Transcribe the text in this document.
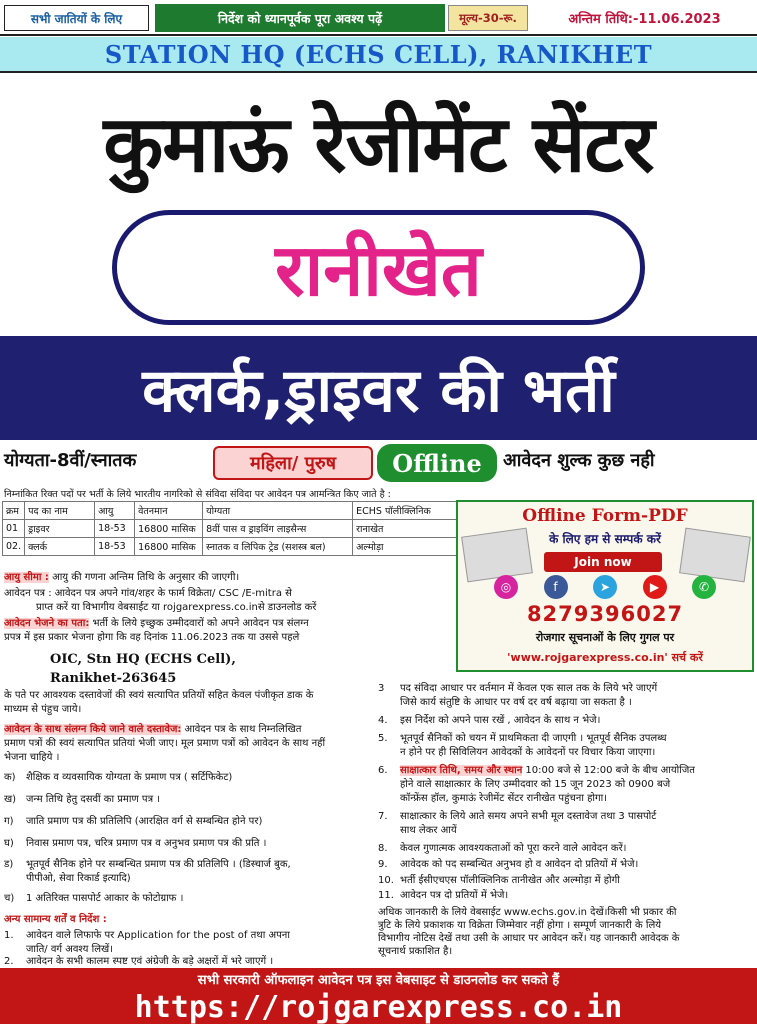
सभी जातियों के लिए	निर्देश को ध्यानपूर्वक पूरा अवश्य पढ़ें	मूल्य-30-रू.	अन्तिम तिथि:-11.06.2023
STATION HQ (ECHS CELL), RANIKHET
कुमाऊं रेजीमेंट सेंटर
रानीखेत
क्लर्क,ड्राइवर की भर्ती
योग्यता-8वीं/स्नातक	महिला/ पुरुष	Offline	आवेदन शुल्क कुछ नही
निम्नांकित रिक्त पदों पर भर्ती के लिये भारतीय नागरिको से संविदा संविदा पर आवेदन पत्र आमन्त्रित किए जाते है :
क्रम	पद का नाम	आयु	वेतनमान	योग्यता	ECHS पॉलीक्लिनिक
01	ड्राइवर	18-53	16800 मासिक	8वीं पास व ड्राइविंग लाइसैन्स	रानाखेत
02.	क्लर्क	18-53	16800 मासिक	स्नातक व लिपिक ट्रेड (सशस्त्र बल)	अल्मोड़ा
Offline Form-PDF
के लिए हम से सम्पर्क करें
Join now
◎	f	➤	▶	✆
8279396027
रोजगार सूचनाओं के लिए गुगल पर
'www.rojgarexpress.co.in' सर्च करें
आयु सीमा : आयु की गणना अन्तिम तिथि के अनुसार की जाएगी।
आवेदन पत्र : आवेदन पत्र अपने गांव/शहर के फार्म विक्रेता/ CSC /E-mitra से
प्राप्त करें या विभागीय वेबसाईट या rojgarexpress.co.inसे डाउनलोड करें
आवेदन भेजने का पता: भर्ती के लिये इच्छुक उम्मीदवारों को अपने आवेदन पत्र संलग्न
प्रपत्र में इस प्रकार भेजना होगा कि वह दिनांक 11.06.2023 तक या उससे पहले
OIC, Stn HQ (ECHS Cell),
Ranikhet-263645
के पते पर आवश्यक दस्तावेजों की स्वयं सत्यापित प्रतियों सहित केवल पंजीकृत डाक के
माध्यम से पंहुच जाये।
आवेदन के साथ संलग्न किये जाने वाले दस्तावेज: आवेदन पत्र के साथ निम्नलिखित
प्रमाण पत्रों की स्वयं सत्यापित प्रतियां भेजी जाए। मूल प्रमाण पत्रों को आवेदन के साथ नहीं
भेजना चाहिये ।
क) शैक्षिक व व्यवसायिक योग्यता के प्रमाण पत्र ( सर्टिफिकेट)
ख) जन्म तिथि हेतु दसवीं का प्रमाण पत्र ।
ग) जाति प्रमाण पत्र की प्रतिलिपि (आरक्षित वर्ग से सम्बन्धित होने पर)
घ) निवास प्रमाण पत्र, चरित्र प्रमाण पत्र व अनुभव प्रमाण पत्र की प्रति ।
ड) भूतपूर्व सैनिक होने पर सम्बन्धित प्रमाण पत्र की प्रतिलिपि । (डिस्चार्ज बुक,
पीपीओ, सेवा रिकार्ड इत्यादि)
च) 1 अतिरिक्त पासपोर्ट आकार के फोटोग्राफ ।
अन्य सामान्य शर्तें व निर्देश :
1. आवेदन वाले लिफाफे पर Application for the post of तथा अपना
जाति/ वर्ग अवश्य लिखें।
2. आवेदन के सभी कालम स्पष्ट एवं अंग्रेजी के बड़े अक्षरों में भरे जाएगें ।
3 पद संविदा आधार पर वर्तमान में केवल एक साल तक के लिये भरे जाएगें
जिसे कार्य संतुष्टि के आधार पर वर्ष दर वर्ष बढ़ाया जा सकता है ।
4. इस निर्देश को अपने पास रखें , आवेदन के साथ न भेजे।
5. भूतपूर्व सैनिकों को चयन में प्राथमिकता दी जाएगी । भूतपूर्व सैनिक उपलब्ध
न होने पर ही सिविलियन आवेदकों के आवेदनों पर विचार किया जाएगा।
6. साक्षात्कार तिथि, समय और स्थान 10:00 बजे से 12:00 बजे के बीच आयोजित
होने वाले साक्षात्कार के लिए उम्मीदवार को 15 जून 2023 को 0900 बजे
कॉन्फ्रेंस हॉल, कुमाऊं रेजीमेंट सेंटर रानीखेत पहुंचना होगा।
7. साक्षात्कार के लिये आते समय अपने सभी मूल दस्तावेज तथा 3 पासपोर्ट
साथ लेकर आयें
8. केवल गुणात्मक आवश्यकताओं को पूरा करने वाले आवेदन करें।
9. आवेदक को पद सम्बन्धित अनुभव हो व आवेदन दो प्रतियों में भेजे।
10. भर्ती ईसीएचएस पॉलीक्लिनिक तानीखेत और अल्मोड़ा में होगी
11. आवेदन पत्र दो प्रतियों में भेजे।
अधिक जानकारी के लिये वेबसाईट www.echs.gov.in देखें।किसी भी प्रकार की
त्रुटि के लिये प्रकाशक या विक्रेता जिम्मेवार नहीं होगा । सम्पूर्ण जानकारी के लिये
विभागीय नोटिस देखें तथा उसी के आधार पर आवेदन करें। यह जानकारी आवेदक के
सूचनार्थ प्रकाशित है।
सभी सरकारी ऑफलाइन आवेदन पत्र इस वेबसाइट से डाउनलोड कर सकते हैं
https://rojgarexpress.co.in
